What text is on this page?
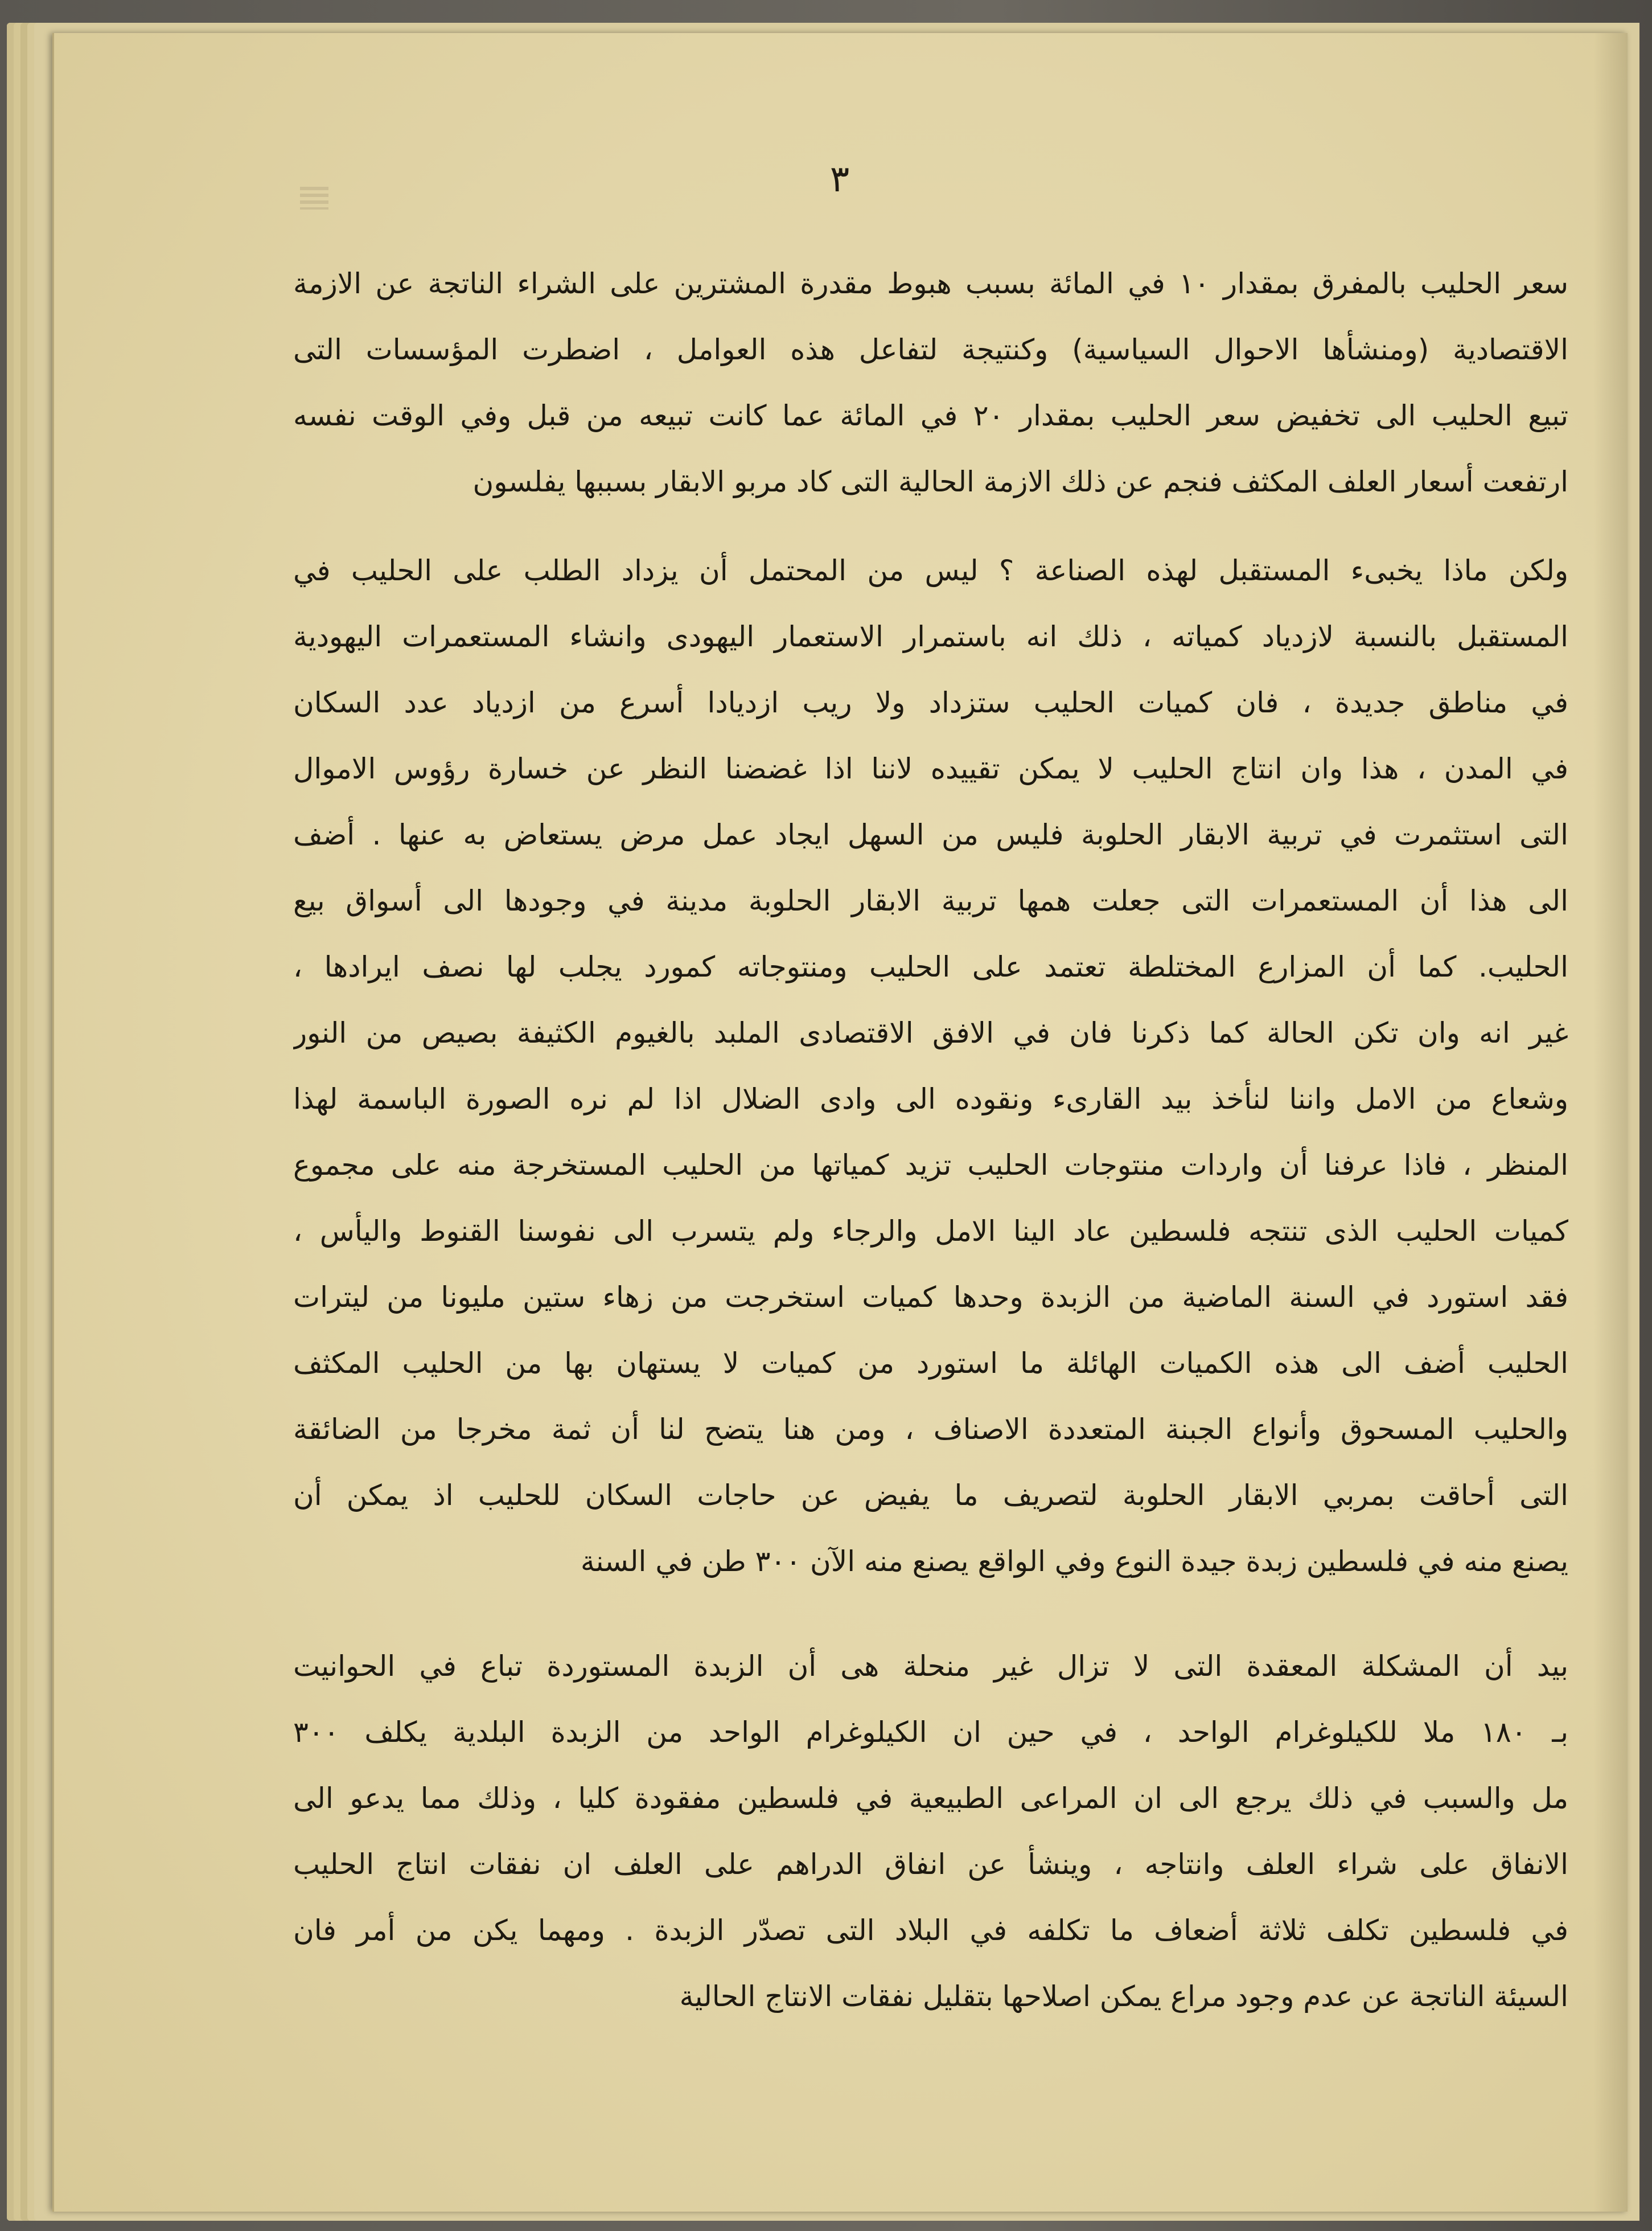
٣
سعر الحليب بالمفرق بمقدار ١٠ في المائة بسبب هبوط مقدرة المشترين على الشراء الناتجة عن الازمة
الاقتصادية (ومنشأها الاحوال السياسية) وكنتيجة لتفاعل هذه العوامل ، اضطرت المؤسسات التى
تبيع الحليب الى تخفيض سعر الحليب بمقدار ٢٠ في المائة عما كانت تبيعه من قبل وفي الوقت نفسه
ارتفعت أسعار العلف المكثف فنجم عن ذلك الازمة الحالية التى كاد مربو الابقار بسببها يفلسون
ولكن ماذا يخبىء المستقبل لهذه الصناعة ؟ ليس من المحتمل أن يزداد الطلب على الحليب في
المستقبل بالنسبة لازدياد كمياته ، ذلك انه باستمرار الاستعمار اليهودى وانشاء المستعمرات اليهودية
في مناطق جديدة ، فان كميات الحليب ستزداد ولا ريب ازديادا أسرع من ازدياد عدد السكان
في المدن ، هذا وان انتاج الحليب لا يمكن تقييده لاننا اذا غضضنا النظر عن خسارة رؤوس الاموال
التى استثمرت في تربية الابقار الحلوبة فليس من السهل ايجاد عمل مرض يستعاض به عنها . أضف
الى هذا أن المستعمرات التى جعلت همها تربية الابقار الحلوبة مدينة في وجودها الى أسواق بيع
الحليب. كما أن المزارع المختلطة تعتمد على الحليب ومنتوجاته كمورد يجلب لها نصف ايرادها ،
غير انه وان تكن الحالة كما ذكرنا فان في الافق الاقتصادى الملبد بالغيوم الكثيفة بصيص من النور
وشعاع من الامل واننا لنأخذ بيد القارىء ونقوده الى وادى الضلال اذا لم نره الصورة الباسمة لهذا
المنظر ، فاذا عرفنا أن واردات منتوجات الحليب تزيد كمياتها من الحليب المستخرجة منه على مجموع
كميات الحليب الذى تنتجه فلسطين عاد الينا الامل والرجاء ولم يتسرب الى نفوسنا القنوط واليأس ،
فقد استورد في السنة الماضية من الزبدة وحدها كميات استخرجت من زهاء ستين مليونا من ليترات
الحليب أضف الى هذه الكميات الهائلة ما استورد من كميات لا يستهان بها من الحليب المكثف
والحليب المسحوق وأنواع الجبنة المتعددة الاصناف ، ومن هنا يتضح لنا أن ثمة مخرجا من الضائقة
التى أحاقت بمربي الابقار الحلوبة لتصريف ما يفيض عن حاجات السكان للحليب اذ يمكن أن
يصنع منه في فلسطين زبدة جيدة النوع وفي الواقع يصنع منه الآن ٣٠٠ طن في السنة
بيد أن المشكلة المعقدة التى لا تزال غير منحلة هى أن الزبدة المستوردة تباع في الحوانيت
بـ ١٨٠ ملا للكيلوغرام الواحد ، في حين ان الكيلوغرام الواحد من الزبدة البلدية يكلف ٣٠٠
مل والسبب في ذلك يرجع الى ان المراعى الطبيعية في فلسطين مفقودة كليا ، وذلك مما يدعو الى
الانفاق على شراء العلف وانتاجه ، وينشأ عن انفاق الدراهم على العلف ان نفقات انتاج الحليب
في فلسطين تكلف ثلاثة أضعاف ما تكلفه في البلاد التى تصدّر الزبدة . ومهما يكن من أمر فان
السيئة الناتجة عن عدم وجود مراع يمكن اصلاحها بتقليل نفقات الانتاج الحالية
